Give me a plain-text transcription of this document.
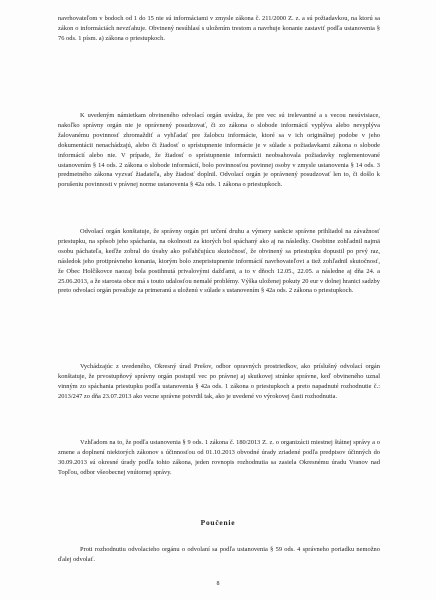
navrhovateľom v bodoch od 1 do 15 nie sú informáciami v zmysle zákona č. 211/2000 Z. z. a sú požiadavkou, na ktorú sa zákon o informáciách nevzťahuje. Obvinený nesúhlasí s uložením trestom a navrhuje konanie zastaviť podľa ustanovenia § 76 ods. 1 písm. a) zákona o priestupkoch.

K uvedeným námietkam obvineného odvolací orgán uvádza, že pre vec sú irelevantné a s vecou nesúvisiace, nakoľko správny orgán nie je oprávnený posudzovať, či zo zákona o slobode informácií vyplýva alebo nevyplýva žalovanému povinnosť zhromaždiť a vyhľadať pre žalobcu informácie, ktoré sa v ich originálnej podobe v jeho dokumentácii nenachádzajú, alebo či žiadosť o sprístupnenie informácie je v súlade s požiadavkami zákona o slobode informácií alebo nie. V prípade, že žiadosť o sprístupnenie informácii neobsahovala požiadavky reglementované ustanovením § 14 ods. 2 zákona o slobode informácií, bolo povinnosťou povinnej osoby v zmysle ustanovenia § 14 ods. 3 predmetného zákona vyzvať žiadateľa, aby žiadosť doplnil. Odvolací orgán je oprávnený posudzovať len to, či došlo k porušeniu povinnosti v právnej norme ustanovenia § 42a ods. 1 zákona o priestupkoch.

Odvolací orgán konštatuje, že správny orgán pri určení druhu a výmery sankcie správne prihliadol na závažnosť priestupku, na spôsob jeho spáchania, na okolnosti za ktorých bol spáchaný ako aj na následky. Osobitne zohľadnil najmä osobu páchateľa, keďže zobral do úvahy ako poľahčujúcu skutočnosť, že obvinený sa priestupku dopustil po prvý raz, následok jeho protiprávneho konania, ktorým bolo znepristupnenie informácií navrhovateľovi a tiež zohľadnil skutočnosť, že Obec Holčíkovce naozaj bola postihnutá privalovými dažďami, a to v dňoch 12.05., 22.05. a následne aj dňa 24. a 25.06.2013, a že starosta obce má s touto udalosťou nemalé problémy. Výška uloženej pokuty 20 eur v dolnej hranici sadzby preto odvolací orgán považuje za primeranú a uloženú v súlade s ustanovením § 42a ods. 2 zákona o priestupkoch.

Vychádzajúc z uvedeného, Okresný úrad Prešov, odbor opravných prostriedkov, ako príslušný odvolací orgán konštatuje, že prvostupňový správny orgán postupil vec po právnej aj skutkovej stránke správne, keď obvineného uznal vinným zo spáchania priestupku podľa ustanovenia § 42a ods. 1 zákona o priestupkoch a preto napadnuté rozhodnutie č.: 2013/247 zo dňa 23.07.2013 ako vecne správne potvrdil tak, ako je uvedené vo výrokovej časti rozhodnutia.

Vzhľadom na to, že podľa ustanovenia § 9 ods. 1 zákona č. 180/2013 Z. z. o organizácii miestnej štátnej správy a o zmene a doplnení niektorých zákonov s účinnosťou od 01.10.2013 obvodné úrady zriadené podľa predpisov účinných do 30.09.2013 sú okresné úrady podľa tohto zákona, jeden rovnopis rozhodnutia sa zasiela Okresnému úradu Vranov nad Topľou, odbor všeobecnej vnútornej správy.

Poučenie

Proti rozhodnutiu odvolacieho orgánu o odvolaní sa podľa ustanovenia § 59 ods. 4 správneho poriadku nemožno ďalej odvolať.

8
